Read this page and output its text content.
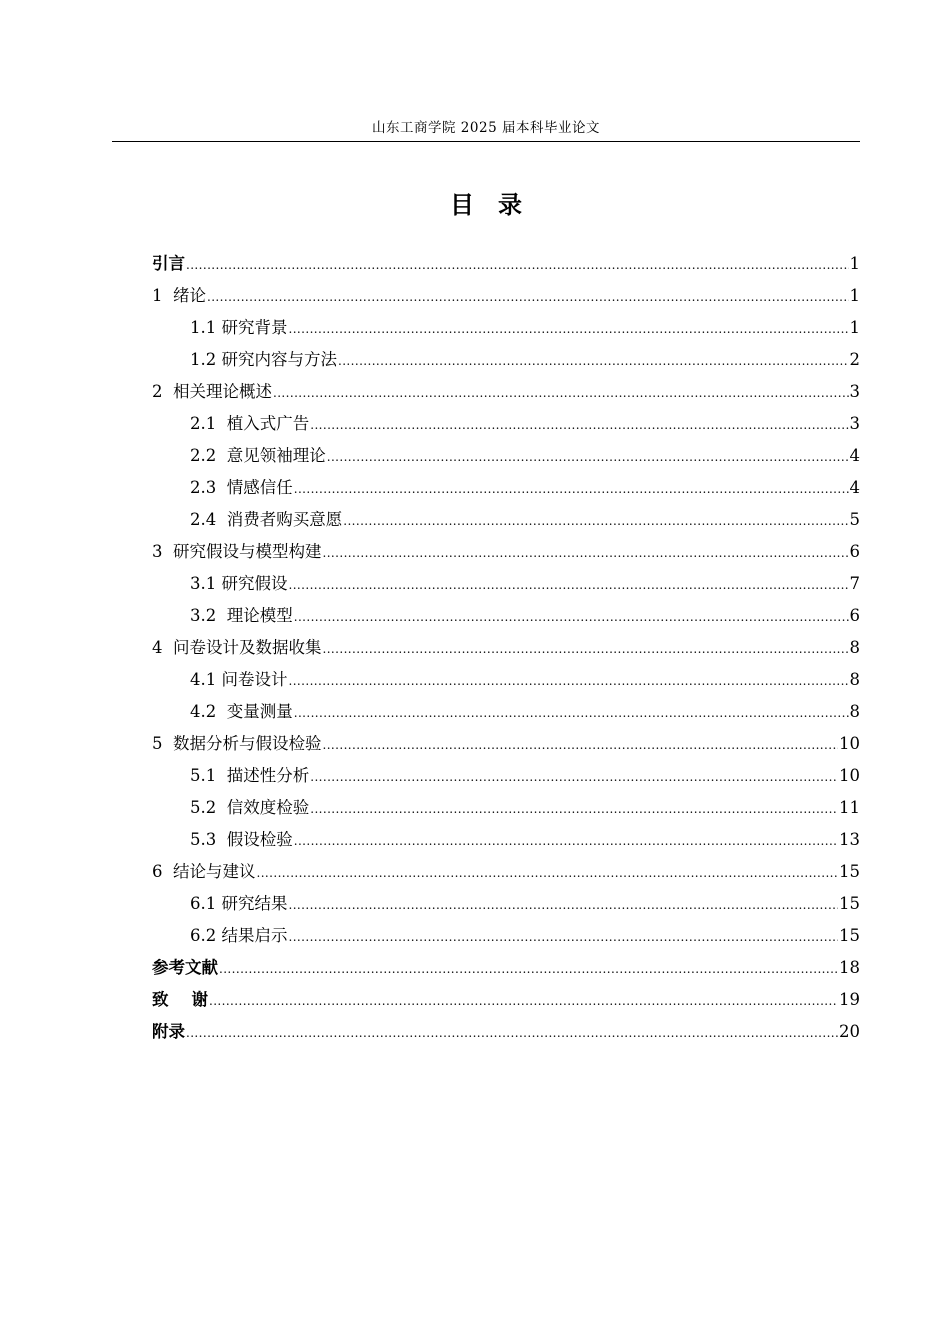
山东工商学院 2025 届本科毕业论文
目录
引言 .....	1
1  绪论 .....	1
1.1 研究背景 .....	1
1.2 研究内容与方法 .....	2
2  相关理论概述 .....	3
2.1  植入式广告 .....	3
2.2  意见领袖理论 .....	4
2.3  情感信任 .....	4
2.4  消费者购买意愿 .....	5
3  研究假设与模型构建 .....	6
3.1 研究假设 .....	7
3.2  理论模型 .....	6
4  问卷设计及数据收集 .....	8
4.1 问卷设计 .....	8
4.2  变量测量 .....	8
5  数据分析与假设检验 .....	10
5.1  描述性分析 .....	10
5.2  信效度检验 .....	11
5.3  假设检验 .....	13
6  结论与建议 .....	15
6.1 研究结果 .....	15
6.2 结果启示 .....	15
参考文献 .....	18
致    谢 .....	19
附录 .....	20
